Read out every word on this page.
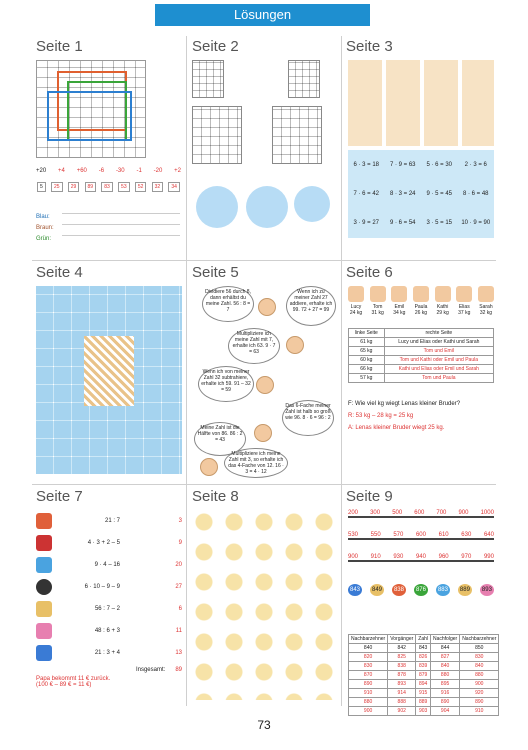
Lösungen
Seite 1
+20 +4 +60 -6 -30 -1 -20 +2
5	25	29	89	83	53	52	32	34
Blau:
Braun:
Grün:
Seite 2	Seite 3
6 · 3 = 18	7 · 9 = 63	5 · 6 = 30	2 · 3 = 6
7 · 6 = 42	8 · 3 = 24	9 · 5 = 45	8 · 6 = 48
3 · 9 = 27	9 · 6 = 54	3 · 5 = 15	10 · 9 = 90
Seite 4	Seite 5
Dividiere 56 durch 8, dann erhältst du meine Zahl. 56 : 8 = 7
Wenn ich zu meiner Zahl 27 addiere, erhalte ich 99. 72 + 27 = 99
Multipliziere ich meine Zahl mit 7, erhalte ich 63. 9 · 7 = 63
Wenn ich von meiner Zahl 32 subtrahiere, erhalte ich 59. 91 – 32 = 59
Das 6-Fache meiner Zahl ist halb so groß wie 96. 8 · 6 = 96 : 2
Meine Zahl ist die Hälfte von 86. 86 : 2 = 43
Multipliziere ich meine Zahl mit 3, so erhalte ich das 4-Fache von 12. 16 · 3 = 4 · 12
Seite 6
Lucy
24 kg
Tom
31 kg
Emil
34 kg
Paula
26 kg
Kathi
29 kg
Elias
37 kg
Sarah
32 kg
linke Seite	rechte Seite
61 kg	Lucy und Elias oder Kathi und Sarah
65 kg	Tom und Emil
60 kg	Tom und Kathi oder Emil und Paula
66 kg	Kathi und Elias oder Emil und Sarah
57 kg	Tom und Paula
F: Wie viel kg wiegt Lenas kleiner Bruder?
R: 53 kg – 28 kg = 25 kg
A: Lenas kleiner Bruder wiegt 25 kg.
Seite 7
21 : 7	3
4 · 3 + 2 – 5	9
9 · 4 – 16	20
6 · 10 – 9 – 9	27
56 : 7 – 2	6
48 : 6 + 3	11
21 : 3 + 4	13
Insgesamt: 89
Papa bekommt 11 € zurück.
(100 € – 89 € = 11 €)
Seite 8	Seite 9
200 300 500 600 700 900 1000
530 550 570 600 610 630 640
900 910 930 940 960 970 990
843	849	838	876	883	889	893
Nachbarzehner	Vorgänger	Zahl	Nachfolger	Nachbarzehner
840	842	843	844	850
820	825	826	827	830
830	838	839	840	840
870	878	879	880	880
890	893	894	895	900
910	914	915	916	920
880	888	889	890	890
900	902	903	904	910
73
